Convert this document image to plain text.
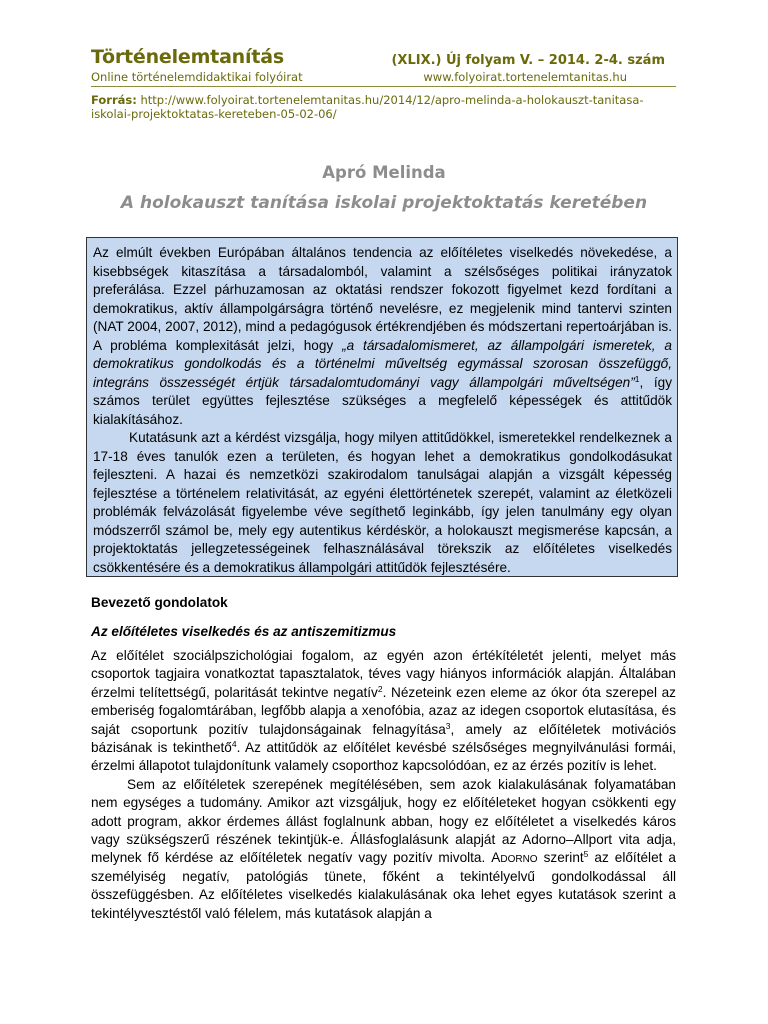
Történelemtanítás
Online történelemdidaktikai folyóirat
(XLIX.) Új folyam V. – 2014. 2-4. szám
www.folyoirat.tortenelemtanitas.hu
Forrás: http://www.folyoirat.tortenelemtanitas.hu/2014/12/apro-melinda-a-holokauszt-tanitasa-iskolai-projektoktatas-kereteben-05-02-06/
Apró Melinda
A holokauszt tanítása iskolai projektoktatás keretében

Az elmúlt években Európában általános tendencia az előítéletes viselkedés növekedése, a kisebbségek kitaszítása a társadalomból, valamint a szélsőséges politikai irányzatok preferálása. Ezzel párhuzamosan az oktatási rendszer fokozott figyelmet kezd fordítani a demokratikus, aktív állampolgárságra történő nevelésre, ez megjelenik mind tantervi szinten (NAT 2004, 2007, 2012), mind a pedagógusok értékrendjében és módszertani repertoárjában is. A probléma komplexitását jelzi, hogy „a társadalomismeret, az állampolgári ismeretek, a demokratikus gondolkodás és a történelmi műveltség egymással szorosan összefüggő, integráns összességét értjük társadalomtudományi vagy állampolgári műveltségen”$^1$, így számos terület együttes fejlesztése szükséges a megfelelő képességek és attitűdök kialakításához.

Kutatásunk azt a kérdést vizsgálja, hogy milyen attitűdökkel, ismeretekkel rendelkeznek a 17-18 éves tanulók ezen a területen, és hogyan lehet a demokratikus gondolkodásukat fejleszteni. A hazai és nemzetközi szakirodalom tanulságai alapján a vizsgált képesség fejlesztése a történelem relativitását, az egyéni élettörténetek szerepét, valamint az életközeli problémák felvázolását figyelembe véve segíthető leginkább, így jelen tanulmány egy olyan módszerről számol be, mely egy autentikus kérdéskör, a holokauszt megismerése kapcsán, a projektoktatás jellegzetességeinek felhasználásával törekszik az előítéletes viselkedés csökkentésére és a demokratikus állampolgári attitűdök fejlesztésére.

Bevezető gondolatok
Az előítéletes viselkedés és az antiszemitizmus

Az előítélet szociálpszichológiai fogalom, az egyén azon értékítéletét jelenti, melyet más csoportok tagjaira vonatkoztat tapasztalatok, téves vagy hiányos információk alapján. Általában érzelmi telítettségű, polaritását tekintve negatív$^2$. Nézeteink ezen eleme az ókor óta szerepel az emberiség fogalomtárában, legfőbb alapja a xenofóbia, azaz az idegen csoportok elutasítása, és saját csoportunk pozitív tulajdonságainak felnagyítása$^3$, amely az előítéletek motivációs bázisának is tekinthető$^4$. Az attitűdök az előítélet kevésbé szélsőséges megnyilvánulási formái, érzelmi állapotot tulajdonítunk valamely csoporthoz kapcsolódóan, ez az érzés pozitív is lehet.

Sem az előítéletek szerepének megítélésében, sem azok kialakulásának folyamatában nem egységes a tudomány. Amikor azt vizsgáljuk, hogy ez előítéleteket hogyan csökkenti egy adott program, akkor érdemes állást foglalnunk abban, hogy ez előítéletet a viselkedés káros vagy szükségszerű részének tekintjük-e. Állásfoglalásunk alapját az Adorno–Allport vita adja, melynek fő kérdése az előítéletek negatív vagy pozitív mivolta. Adorno szerint$^5$ az előítélet a személyiség negatív, patológiás tünete, főként a tekintélyelvű gondolkodással áll összefüggésben. Az előítéletes viselkedés kialakulásának oka lehet egyes kutatások szerint a tekintélyvesztéstől való félelem, más kutatások alapján a
